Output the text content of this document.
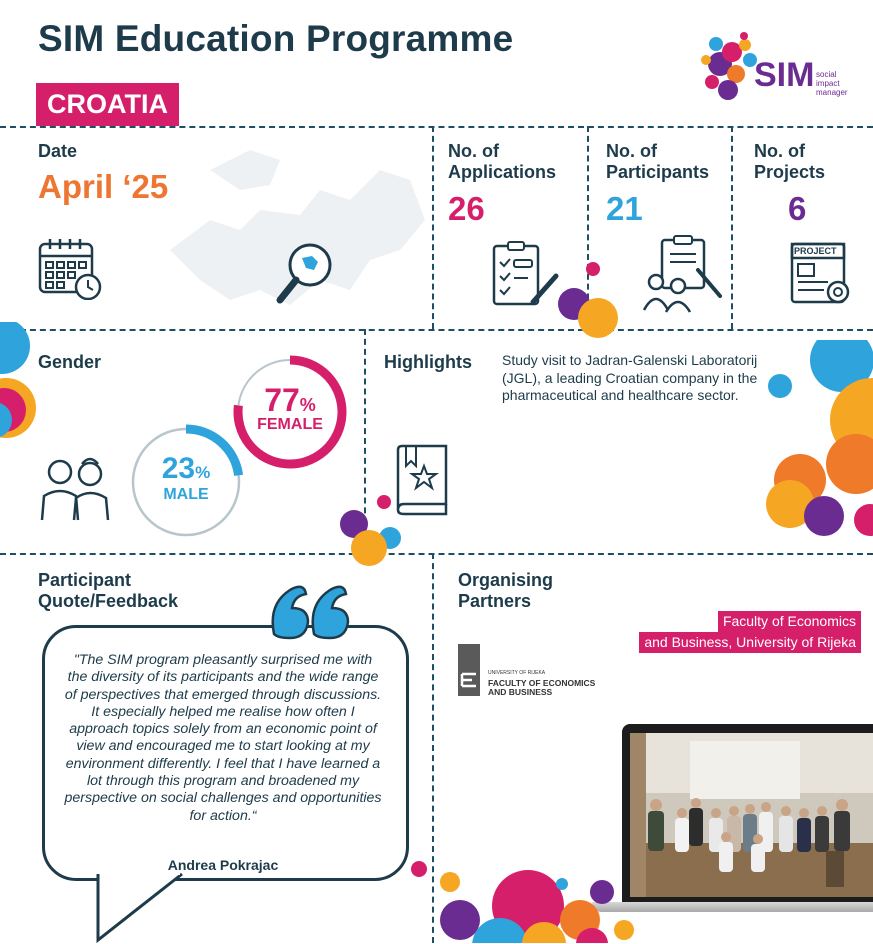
SIM Education Programme
CROATIA
SIM social
impact
manager
Date
April ‘25
No. of
Applications
26
No. of
Participants
21
No. of
Projects
6
PROJECT
Gender
77%
FEMALE
23%
MALE
Highlights Study visit to Jadran-Galenski Laboratorij (JGL), a leading Croatian company in the pharmaceutical and healthcare sector.
Participant
Quote/Feedback
"The SIM program pleasantly surprised me with the diversity of its participants and the wide range of perspectives that emerged through discussions. It especially helped me realise how often I approach topics solely from an economic point of view and encouraged me to start looking at my environment differently. I feel that I have learned a lot through this program and broadened my perspective on social challenges and opportunities for action.“
Andrea Pokrajac
Organising
Partners
Faculty of Economics
and Business, University of Rijeka
UNIVERSITY OF RIJEKA
FACULTY OF ECONOMICS
AND BUSINESS
